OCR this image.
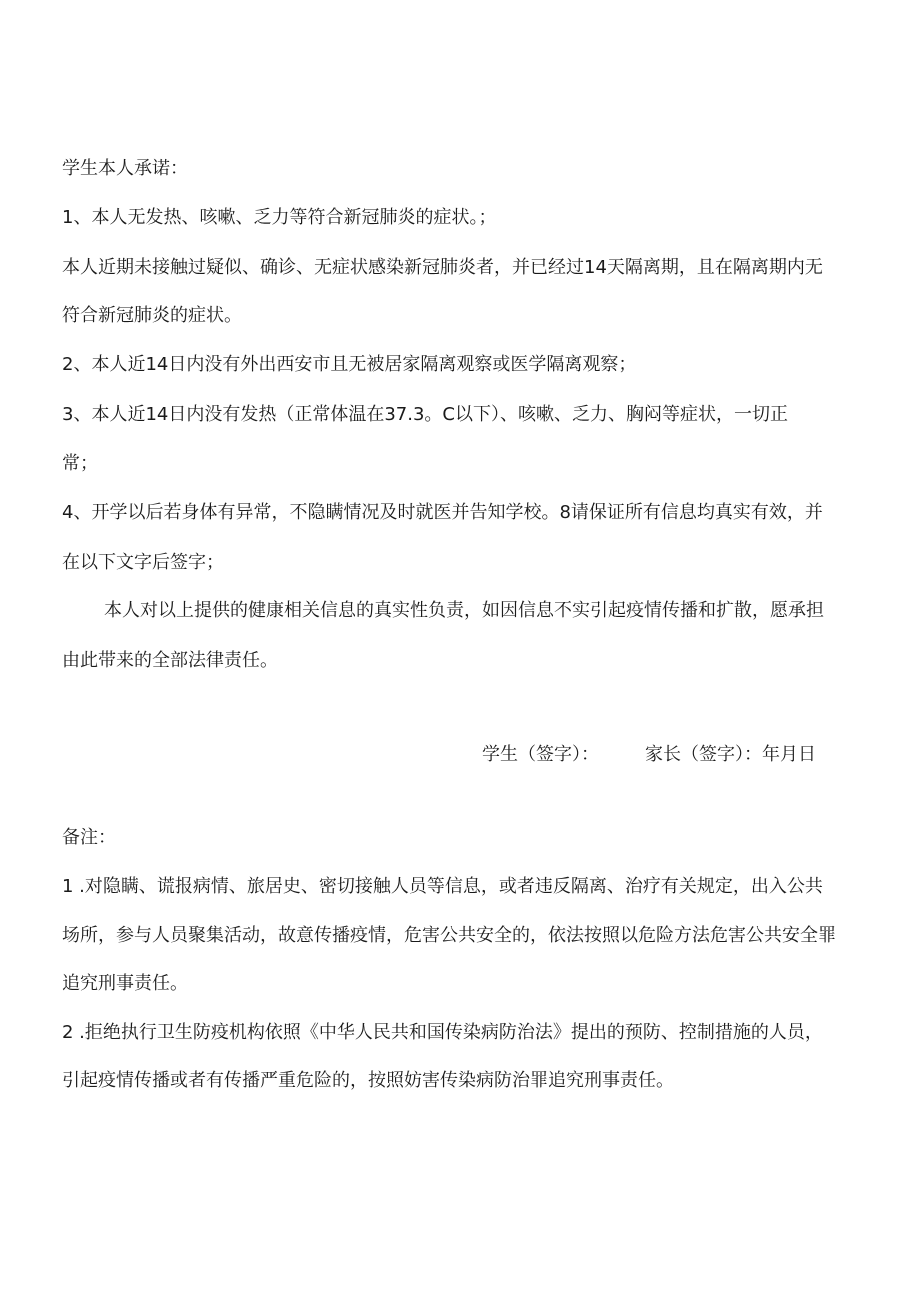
学生本人承诺：
1、本人无发热、咳嗽、乏力等符合新冠肺炎的症状。；
本人近期未接触过疑似、确诊、无症状感染新冠肺炎者，并已经过14天隔离期，且在隔离期内无
符合新冠肺炎的症状。
2、本人近14日内没有外出西安市且无被居家隔离观察或医学隔离观察；
3、本人近14日内没有发热（正常体温在37.3。C以下）、咳嗽、乏力、胸闷等症状，一切正
常；
4、开学以后若身体有异常，不隐瞒情况及时就医并告知学校。8请保证所有信息均真实有效，并
在以下文字后签字；
本人对以上提供的健康相关信息的真实性负责，如因信息不实引起疫情传播和扩散，愿承担
由此带来的全部法律责任。
学生（签字）：	家长（签字）：年月日
备注：
1 .对隐瞒、谎报病情、旅居史、密切接触人员等信息，或者违反隔离、治疗有关规定，出入公共
场所，参与人员聚集活动，故意传播疫情，危害公共安全的，依法按照以危险方法危害公共安全罪
追究刑事责任。
2 .拒绝执行卫生防疫机构依照《中华人民共和国传染病防治法》提出的预防、控制措施的人员，
引起疫情传播或者有传播严重危险的，按照妨害传染病防治罪追究刑事责任。
